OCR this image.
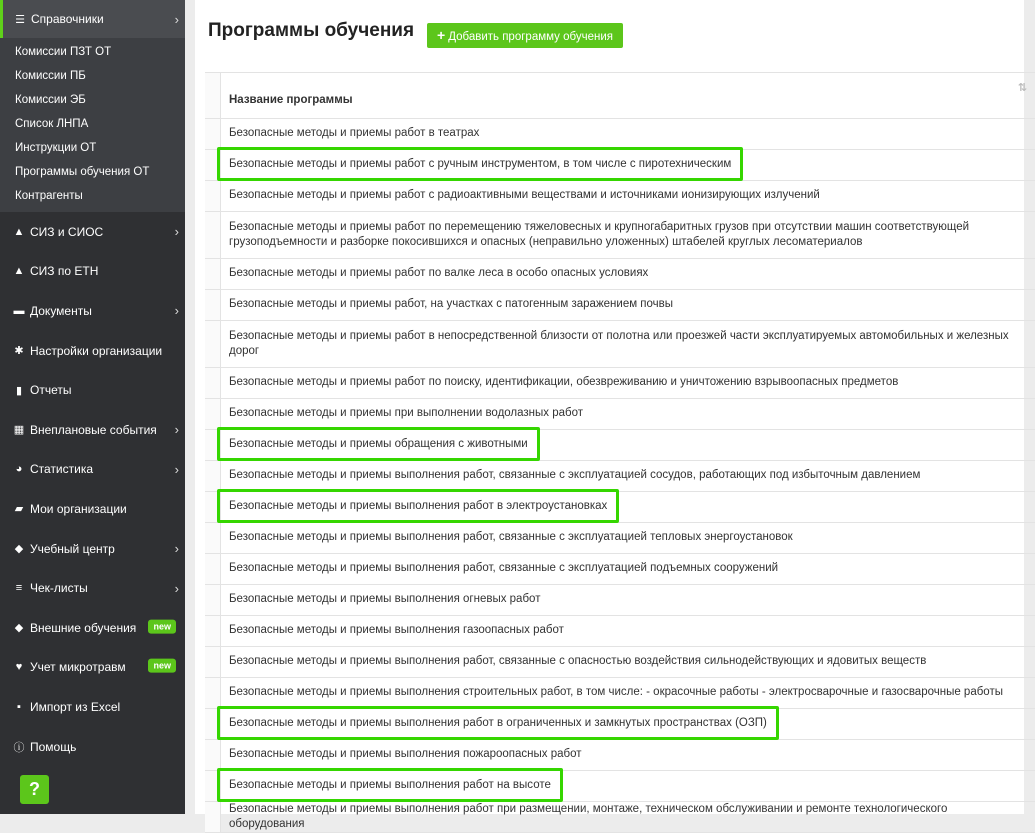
☰ Справочники	›
Комиссии ПЗТ ОТ
Комиссии ПБ
Комиссии ЭБ
Список ЛНПА
Инструкции ОТ
Программы обучения ОТ
Контрагенты
▲ СИЗ и СИОС	›
▲ СИЗ по ЕТН
▬ Документы	›
✱ Настройки организации
▮ Отчеты
▦ Внеплановые события ›
◕ Статистика	›
▰ Мои организации
◆ Учебный центр	›
≡ Чек-листы	›
◆ Внешние обучения	new
♥ Учет микротравм	new
▪ Импорт из Excel
ⓘ Помощь
?
Программы обучения	+ Добавить программу обучения
Название программы
⇅
Безопасные методы и приемы работ в театрах
Безопасные методы и приемы работ с ручным инструментом, в том числе с пиротехническим
Безопасные методы и приемы работ с радиоактивными веществами и источниками ионизирующих излучений
Безопасные методы и приемы работ по перемещению тяжеловесных и крупногабаритных грузов при отсутствии машин соответствующей грузоподъемности и разборке покосившихся и опасных (неправильно уложенных) штабелей круглых лесоматериалов
Безопасные методы и приемы работ по валке леса в особо опасных условиях
Безопасные методы и приемы работ, на участках с патогенным заражением почвы
Безопасные методы и приемы работ в непосредственной близости от полотна или проезжей части эксплуатируемых автомобильных и железных дорог
Безопасные методы и приемы работ по поиску, идентификации, обезвреживанию и уничтожению взрывоопасных предметов
Безопасные методы и приемы при выполнении водолазных работ
Безопасные методы и приемы обращения с животными
Безопасные методы и приемы выполнения работ, связанные с эксплуатацией сосудов, работающих под избыточным давлением
Безопасные методы и приемы выполнения работ в электроустановках
Безопасные методы и приемы выполнения работ, связанные с эксплуатацией тепловых энергоустановок
Безопасные методы и приемы выполнения работ, связанные с эксплуатацией подъемных сооружений
Безопасные методы и приемы выполнения огневых работ
Безопасные методы и приемы выполнения газоопасных работ
Безопасные методы и приемы выполнения работ, связанные с опасностью воздействия сильнодействующих и ядовитых веществ
Безопасные методы и приемы выполнения строительных работ, в том числе: - окрасочные работы - электросварочные и газосварочные работы
Безопасные методы и приемы выполнения работ в ограниченных и замкнутых пространствах (ОЗП)
Безопасные методы и приемы выполнения пожароопасных работ
Безопасные методы и приемы выполнения работ на высоте
Безопасные методы и приемы выполнения работ при размещении, монтаже, техническом обслуживании и ремонте технологического оборудования
